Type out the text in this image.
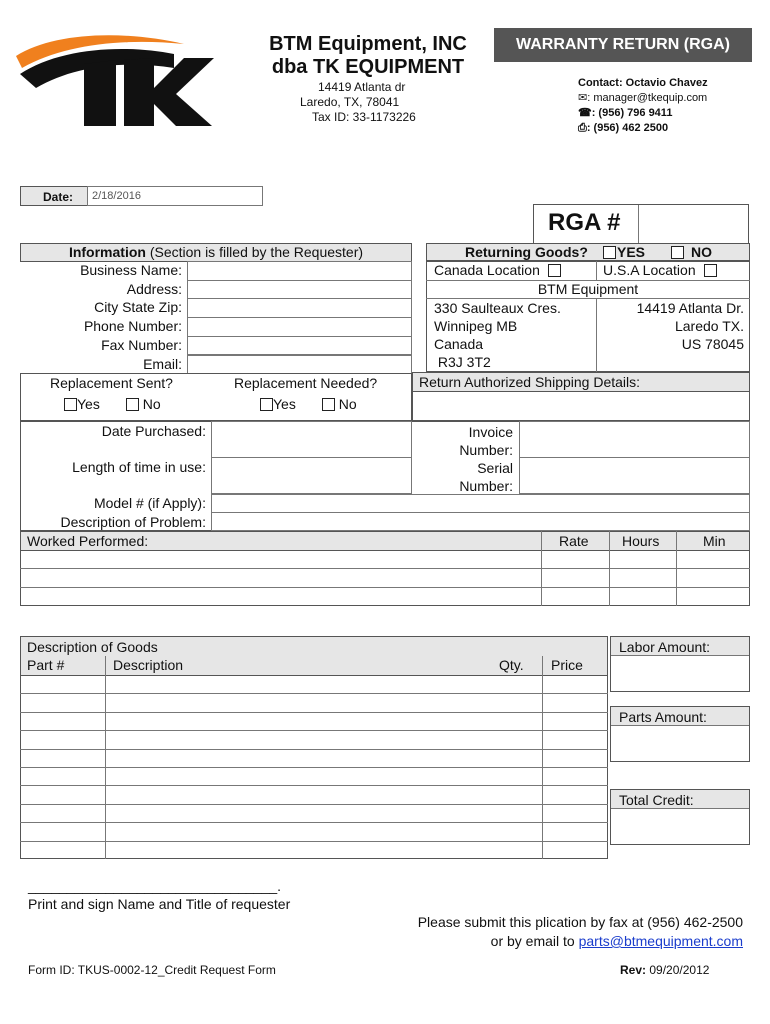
BTM Equipment, INC
dba TK EQUIPMENT
14419 Atlanta dr
Laredo, TX, 78041
Tax ID: 33-1173226
WARRANTY RETURN (RGA)
Contact: Octavio Chavez
✉: manager@tkequip.com
☎: (956) 796 9411
⎙: (956) 462 2500
Date: 2/18/2016
RGA #
Information (Section is filled by the Requester)
Business Name:
Address:
City State Zip:
Phone Number:
Fax Number:
Email:
Replacement Sent?	Replacement Needed?
Yes	No	Yes	No
Returning Goods? YES	NO
Canada Location	U.S.A Location
BTM Equipment
330 Saulteaux Cres.
Winnipeg MB
Canada
R3J 3T2
14419 Atlanta Dr.
Laredo TX.
US 78045
Return Authorized Shipping Details:
Date Purchased:
Length of time in use:
Invoice
Number:
Serial
Number:
Model # (if Apply):
Description of Problem:
Worked Performed:	Rate Hours	Min
Description of Goods
Part #	Description	Qty. Price
Labor Amount:
Parts Amount:
Total Credit:
________________________________.
Print and sign Name and Title of requester
Please submit this plication by fax at (956) 462-2500
or by email to parts@btmequipment.com
Form ID: TKUS-0002-12_Credit Request Form	Rev: 09/20/2012
